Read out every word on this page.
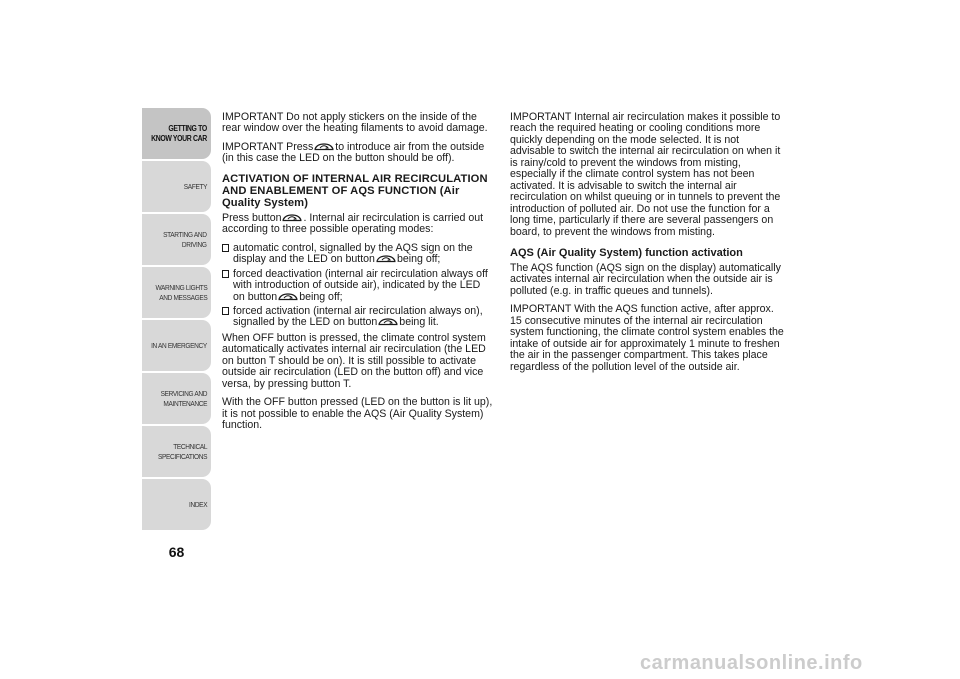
GETTING TO
KNOW YOUR CAR
SAFETY
STARTING AND
DRIVING
WARNING LIGHTS
AND MESSAGES
IN AN EMERGENCY
SERVICING AND
MAINTENANCE
TECHNICAL
SPECIFICATIONS
INDEX
68

IMPORTANT Do not apply stickers on the inside of the rear window over the heating filaments to avoid damage.

IMPORTANT Press to introduce air from the outside (in this case the LED on the button should be off).

ACTIVATION OF INTERNAL AIR RECIRCULATION AND ENABLEMENT OF AQS FUNCTION (Air Quality System)

Press button . Internal air recirculation is carried out according to three possible operating modes:

automatic control, signalled by the AQS sign on the display and the LED on button being off;
forced deactivation (internal air recirculation always off with introduction of outside air), indicated by the LED on button being off;
forced activation (internal air recirculation always on), signalled by the LED on button being lit.

When OFF button is pressed, the climate control system automatically activates internal air recirculation (the LED on button T should be on). It is still possible to activate outside air recirculation (LED on the button off) and vice versa, by pressing button T.

With the OFF button pressed (LED on the button is lit up), it is not possible to enable the AQS (Air Quality System) function.

IMPORTANT Internal air recirculation makes it possible to reach the required heating or cooling conditions more quickly depending on the mode selected. It is not advisable to switch the internal air recirculation on when it is rainy/cold to prevent the windows from misting, especially if the climate control system has not been activated. It is advisable to switch the internal air recirculation on whilst queuing or in tunnels to prevent the introduction of polluted air. Do not use the function for a long time, particularly if there are several passengers on board, to prevent the windows from misting.

AQS (Air Quality System) function activation

The AQS function (AQS sign on the display) automatically activates internal air recirculation when the outside air is polluted (e.g. in traffic queues and tunnels).

IMPORTANT With the AQS function active, after approx. 15 consecutive minutes of the internal air recirculation system functioning, the climate control system enables the intake of outside air for approximately 1 minute to freshen the air in the passenger compartment. This takes place regardless of the pollution level of the outside air.

carmanualsonline.info
